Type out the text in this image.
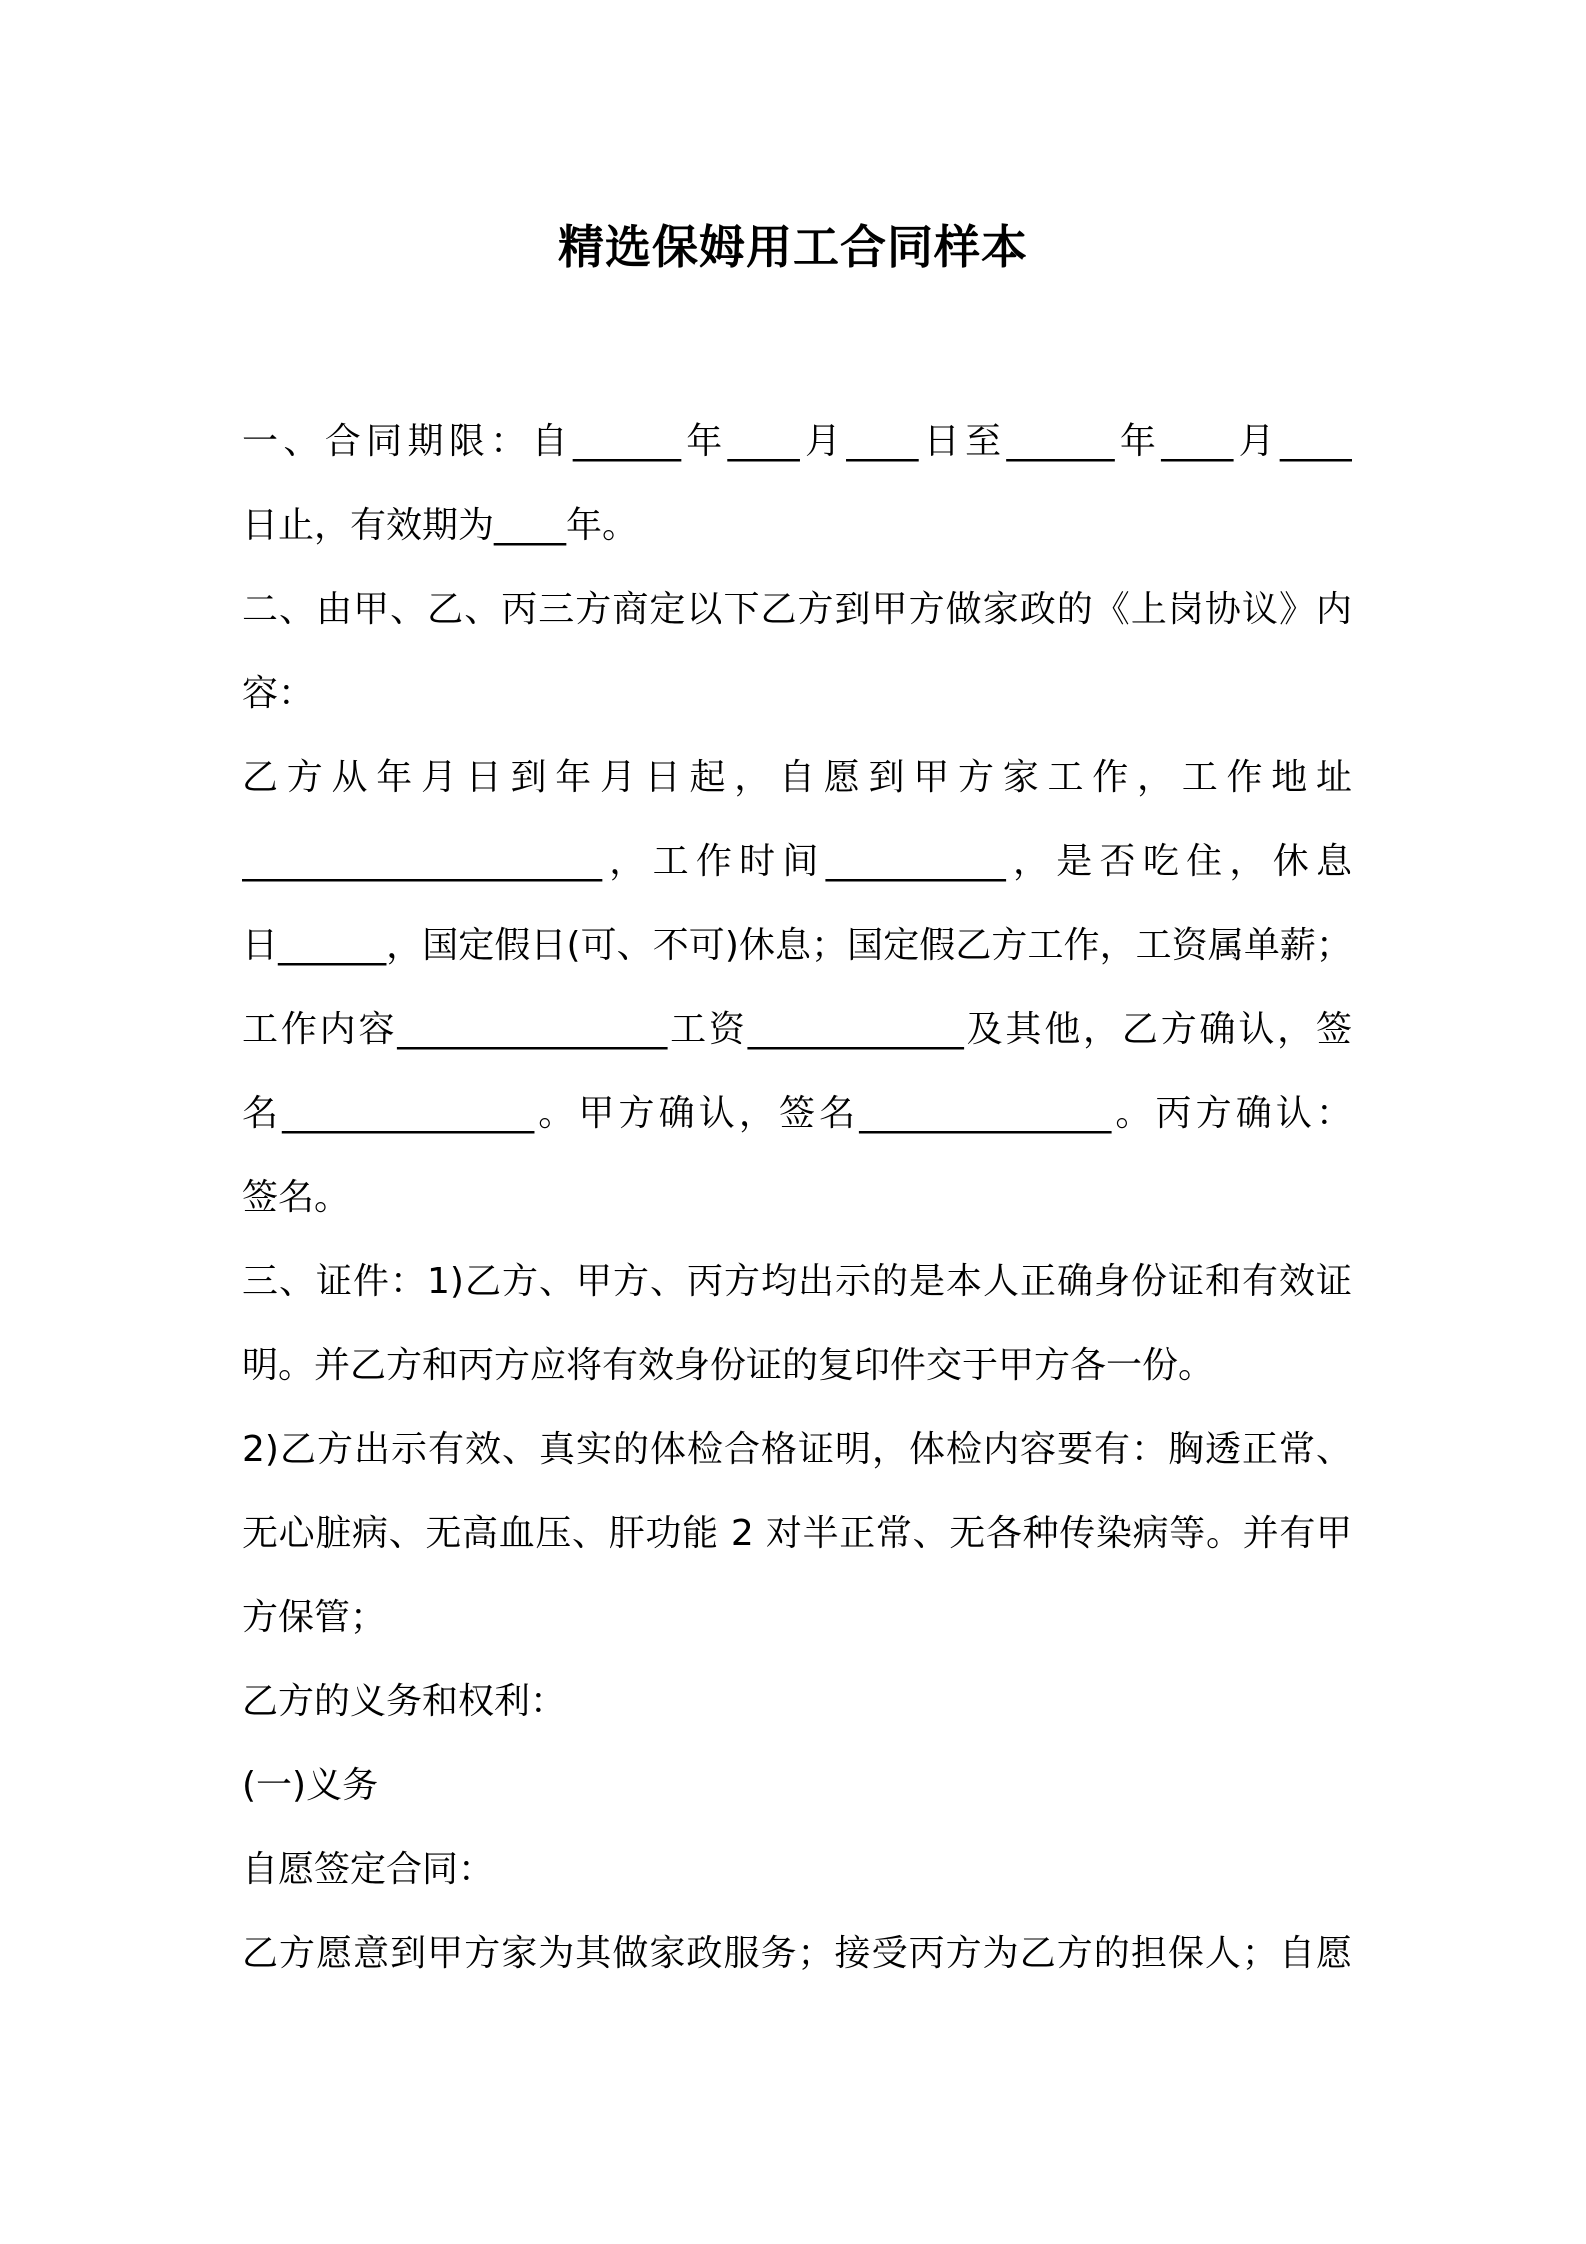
精选保姆用工合同样本
一、合同期限：自______年____月____日至______年____月____
日止，有效期为____年。
二、由甲、乙、丙三方商定以下乙方到甲方做家政的《上岗协议》内
容：
乙方从年月日到年月日起，自愿到甲方家工作，工作地址
____________________，工作时间__________，是否吃住，休息
日______，国定假日(可、不可)休息；国定假乙方工作，工资属单薪；
工作内容_______________工资____________及其他，乙方确认，签
名______________。甲方确认，签名______________。丙方确认：
签名。
三、证件：1)乙方、甲方、丙方均出示的是本人正确身份证和有效证
明。并乙方和丙方应将有效身份证的复印件交于甲方各一份。
2)乙方出示有效、真实的体检合格证明，体检内容要有：胸透正常、
无心脏病、无高血压、肝功能 2 对半正常、无各种传染病等。并有甲
方保管；
乙方的义务和权利：
(一)义务
自愿签定合同：
乙方愿意到甲方家为其做家政服务；接受丙方为乙方的担保人；自愿
